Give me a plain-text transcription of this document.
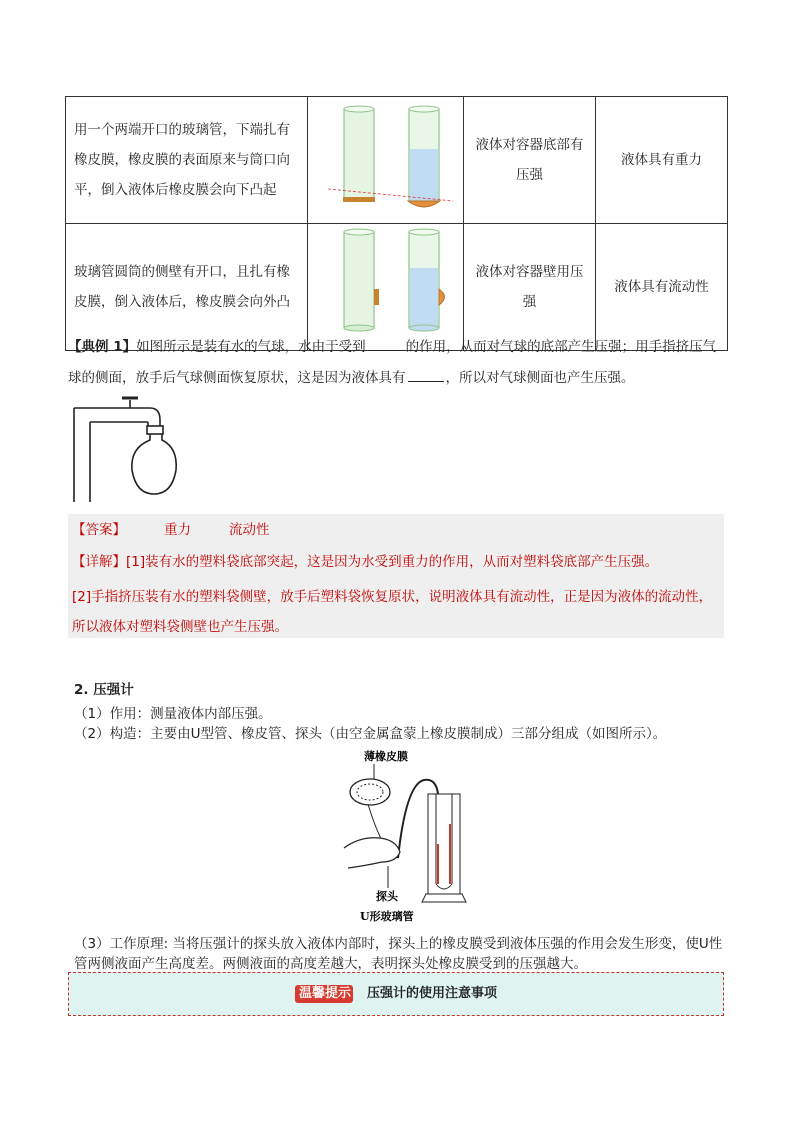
用一个两端开口的玻璃管，下端扎有橡皮膜，橡皮膜的表面原来与筒口向平，倒入液体后橡皮膜会向下凸起		液体对容器底部有压强	液体具有重力
玻璃管圆筒的侧壁有开口，且扎有橡皮膜，倒入液体后，橡皮膜会向外凸		液体对容器壁用压强	液体具有流动性
【典例 1】如图所示是装有水的气球，水由于受到	的作用，从而对气球的底部产生压强；用手指挤压气球的侧面，放手后气球侧面恢复原状，这是因为液体具有	，所以对气球侧面也产生压强。
【答案】	重力	流动性
【详解】[1]装有水的塑料袋底部突起，这是因为水受到重力的作用，从而对塑料袋底部产生压强。
[2]手指挤压装有水的塑料袋侧壁，放手后塑料袋恢复原状，说明液体具有流动性，正是因为液体的流动性，所以液体对塑料袋侧壁也产生压强。
2. 压强计
（1）作用：测量液体内部压强。
（2）构造：主要由U型管、橡皮管、探头（由空金属盒蒙上橡皮膜制成）三部分组成（如图所示）。
薄橡皮膜
探头
U形玻璃管
（3）工作原理: 当将压强计的探头放入液体内部时，探头上的橡皮膜受到液体压强的作用会发生形变，使U性管两侧液面产生高度差。两侧液面的高度差越大，表明探头处橡皮膜受到的压强越大。
温馨提示 压强计的使用注意事项
